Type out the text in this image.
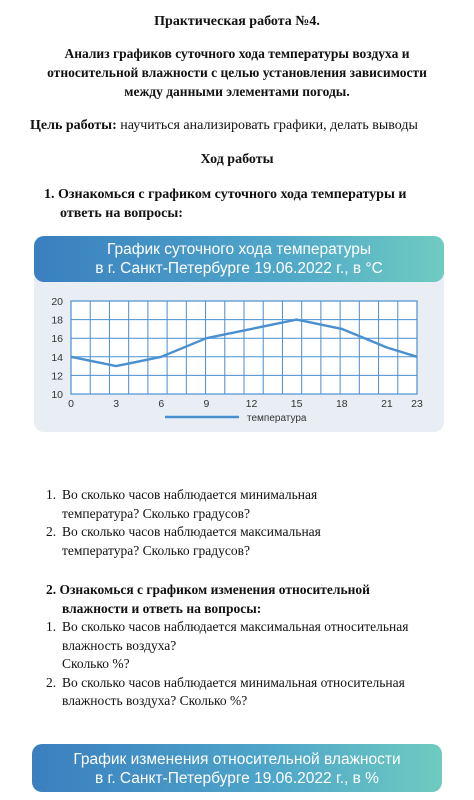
Практическая работа №4.
Анализ графиков суточного хода температуры воздуха и
относительной влажности с целью установления зависимости
между данными элементами погоды.
Цель работы: научиться анализировать графики, делать выводы
Ход работы
1. Ознакомься с графиком суточного хода температуры и
ответь на вопросы:
График суточного хода температуры
в г. Санкт-Петербурге 19.06.2022 г., в °С
20
18
16
14
12
10
0	3	6	9	12	15	18	21 23
температура
1. Во сколько часов наблюдается минимальная
температура? Сколько градусов?
2. Во сколько часов наблюдается максимальная
температура? Сколько градусов?
2. Ознакомься с графиком изменения относительной
влажности и ответь на вопросы:
1. Во сколько часов наблюдается максимальная относительная
влажность воздуха?
Сколько %?
2. Во сколько часов наблюдается минимальная относительная
влажность воздуха? Сколько %?
График изменения относительной влажности
в г. Санкт-Петербурге 19.06.2022 г., в %
